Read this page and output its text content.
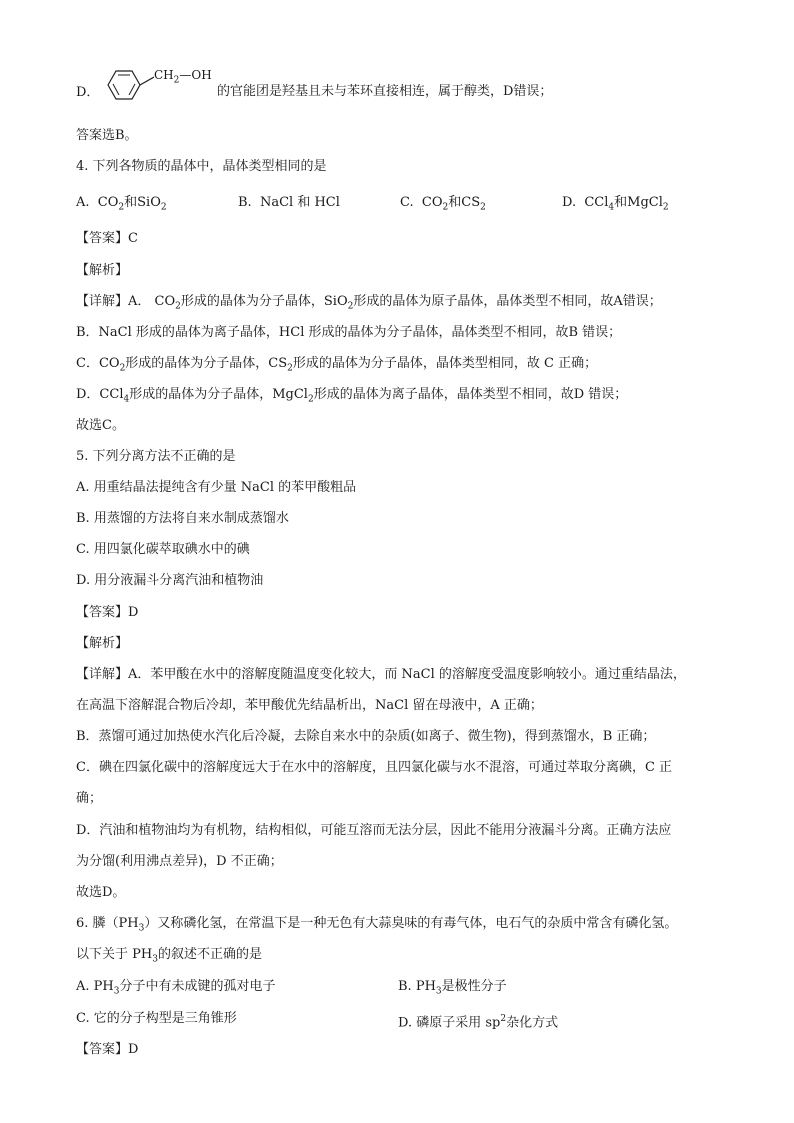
D．
$CH_2—OH$
的官能团是羟基且未与苯环直接相连，属于醇类，D错误；
答案选B。
4. 下列各物质的晶体中，晶体类型相同的是
A. $CO_2$和SiO$_2$	B. NaCl 和 HCl	C. $CO_2$和$CS_2$	D. CCl$_4$和MgCl$_2$
【答案】C
【解析】
【详解】A． $CO_2$形成的晶体为分子晶体，SiO$_2$形成的晶体为原子晶体，晶体类型不相同，故A错误；
B．NaCl 形成的晶体为离子晶体，HCl 形成的晶体为分子晶体，晶体类型不相同，故B 错误；
C．$CO_2$形成的晶体为分子晶体，$CS_2$形成的晶体为分子晶体，晶体类型相同，故 C 正确；
D．CCl$_4$形成的晶体为分子晶体，MgCl$_2$形成的晶体为离子晶体，晶体类型不相同，故D 错误；
故选C。
5. 下列分离方法不正确的是
A. 用重结晶法提纯含有少量 NaCl 的苯甲酸粗品
B. 用蒸馏的方法将自来水制成蒸馏水
C. 用四氯化碳萃取碘水中的碘
D. 用分液漏斗分离汽油和植物油
【答案】D
【解析】
【详解】A．苯甲酸在水中的溶解度随温度变化较大，而 NaCl 的溶解度受温度影响较小。通过重结晶法，
在高温下溶解混合物后冷却，苯甲酸优先结晶析出，NaCl 留在母液中，A 正确；
B．蒸馏可通过加热使水汽化后冷凝，去除自来水中的杂质(如离子、微生物)，得到蒸馏水，B 正确；
C．碘在四氯化碳中的溶解度远大于在水中的溶解度，且四氯化碳与水不混溶，可通过萃取分离碘，C 正
确；
D．汽油和植物油均为有机物，结构相似，可能互溶而无法分层，因此不能用分液漏斗分离。正确方法应
为分馏(利用沸点差异)，D 不正确；
故选D。
6. 膦$(PH_3)$又称磷化氢，在常温下是一种无色有大蒜臭味的有毒气体，电石气的杂质中常含有磷化氢。
以下关于 $PH_3$的叙述不正确的是
A. $PH_3$分子中有未成键的孤对电子	B. $PH_3$是极性分子
C. 它的分子构型是三角锥形	D. 磷原子采用 $sp^2$杂化方式
【答案】D
